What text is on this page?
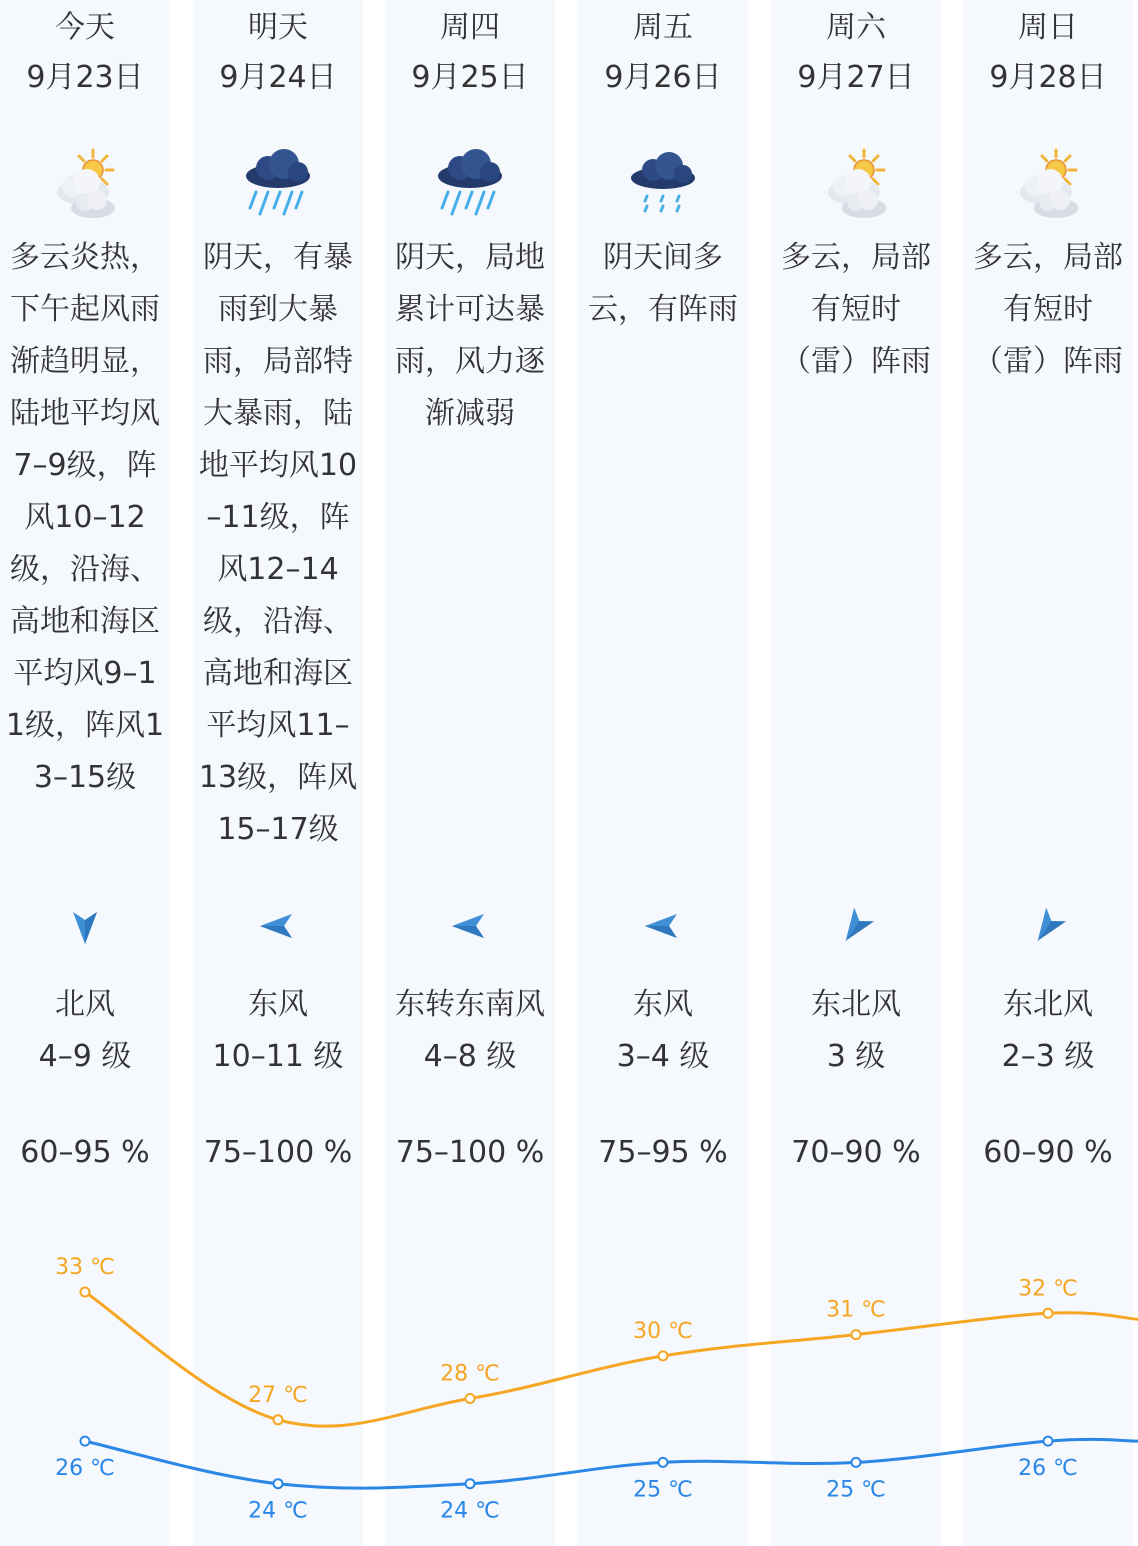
今天
9月23日
多云炎热，下午起风雨渐趋明显，陆地平均风7–9级，阵风10–12级，沿海、高地和海区平均风9–11级，阵风13–15级
北风
4–9 级
60–95 %
明天
9月24日
阴天，有暴雨到大暴雨，局部特大暴雨，陆地平均风10–11级，阵风12–14级，沿海、高地和海区平均风11–13级，阵风15–17级
东风
10–11 级
75–100 %
周四
9月25日
阴天，局地累计可达暴雨，风力逐渐减弱
东转东南风
4–8 级
75–100 %
周五
9月26日
阴天间多云，有阵雨
东风
3–4 级
75–95 %
周六
9月27日
多云，局部有短时（雷）阵雨
东北风
3 级
70–90 %
周日
9月28日
多云，局部有短时（雷）阵雨
东北风
2–3 级
60–90 %
33 ℃
27 ℃
28 ℃
30 ℃
31 ℃
32 ℃
26 ℃
24 ℃	24 ℃
25 ℃	25 ℃
26 ℃
